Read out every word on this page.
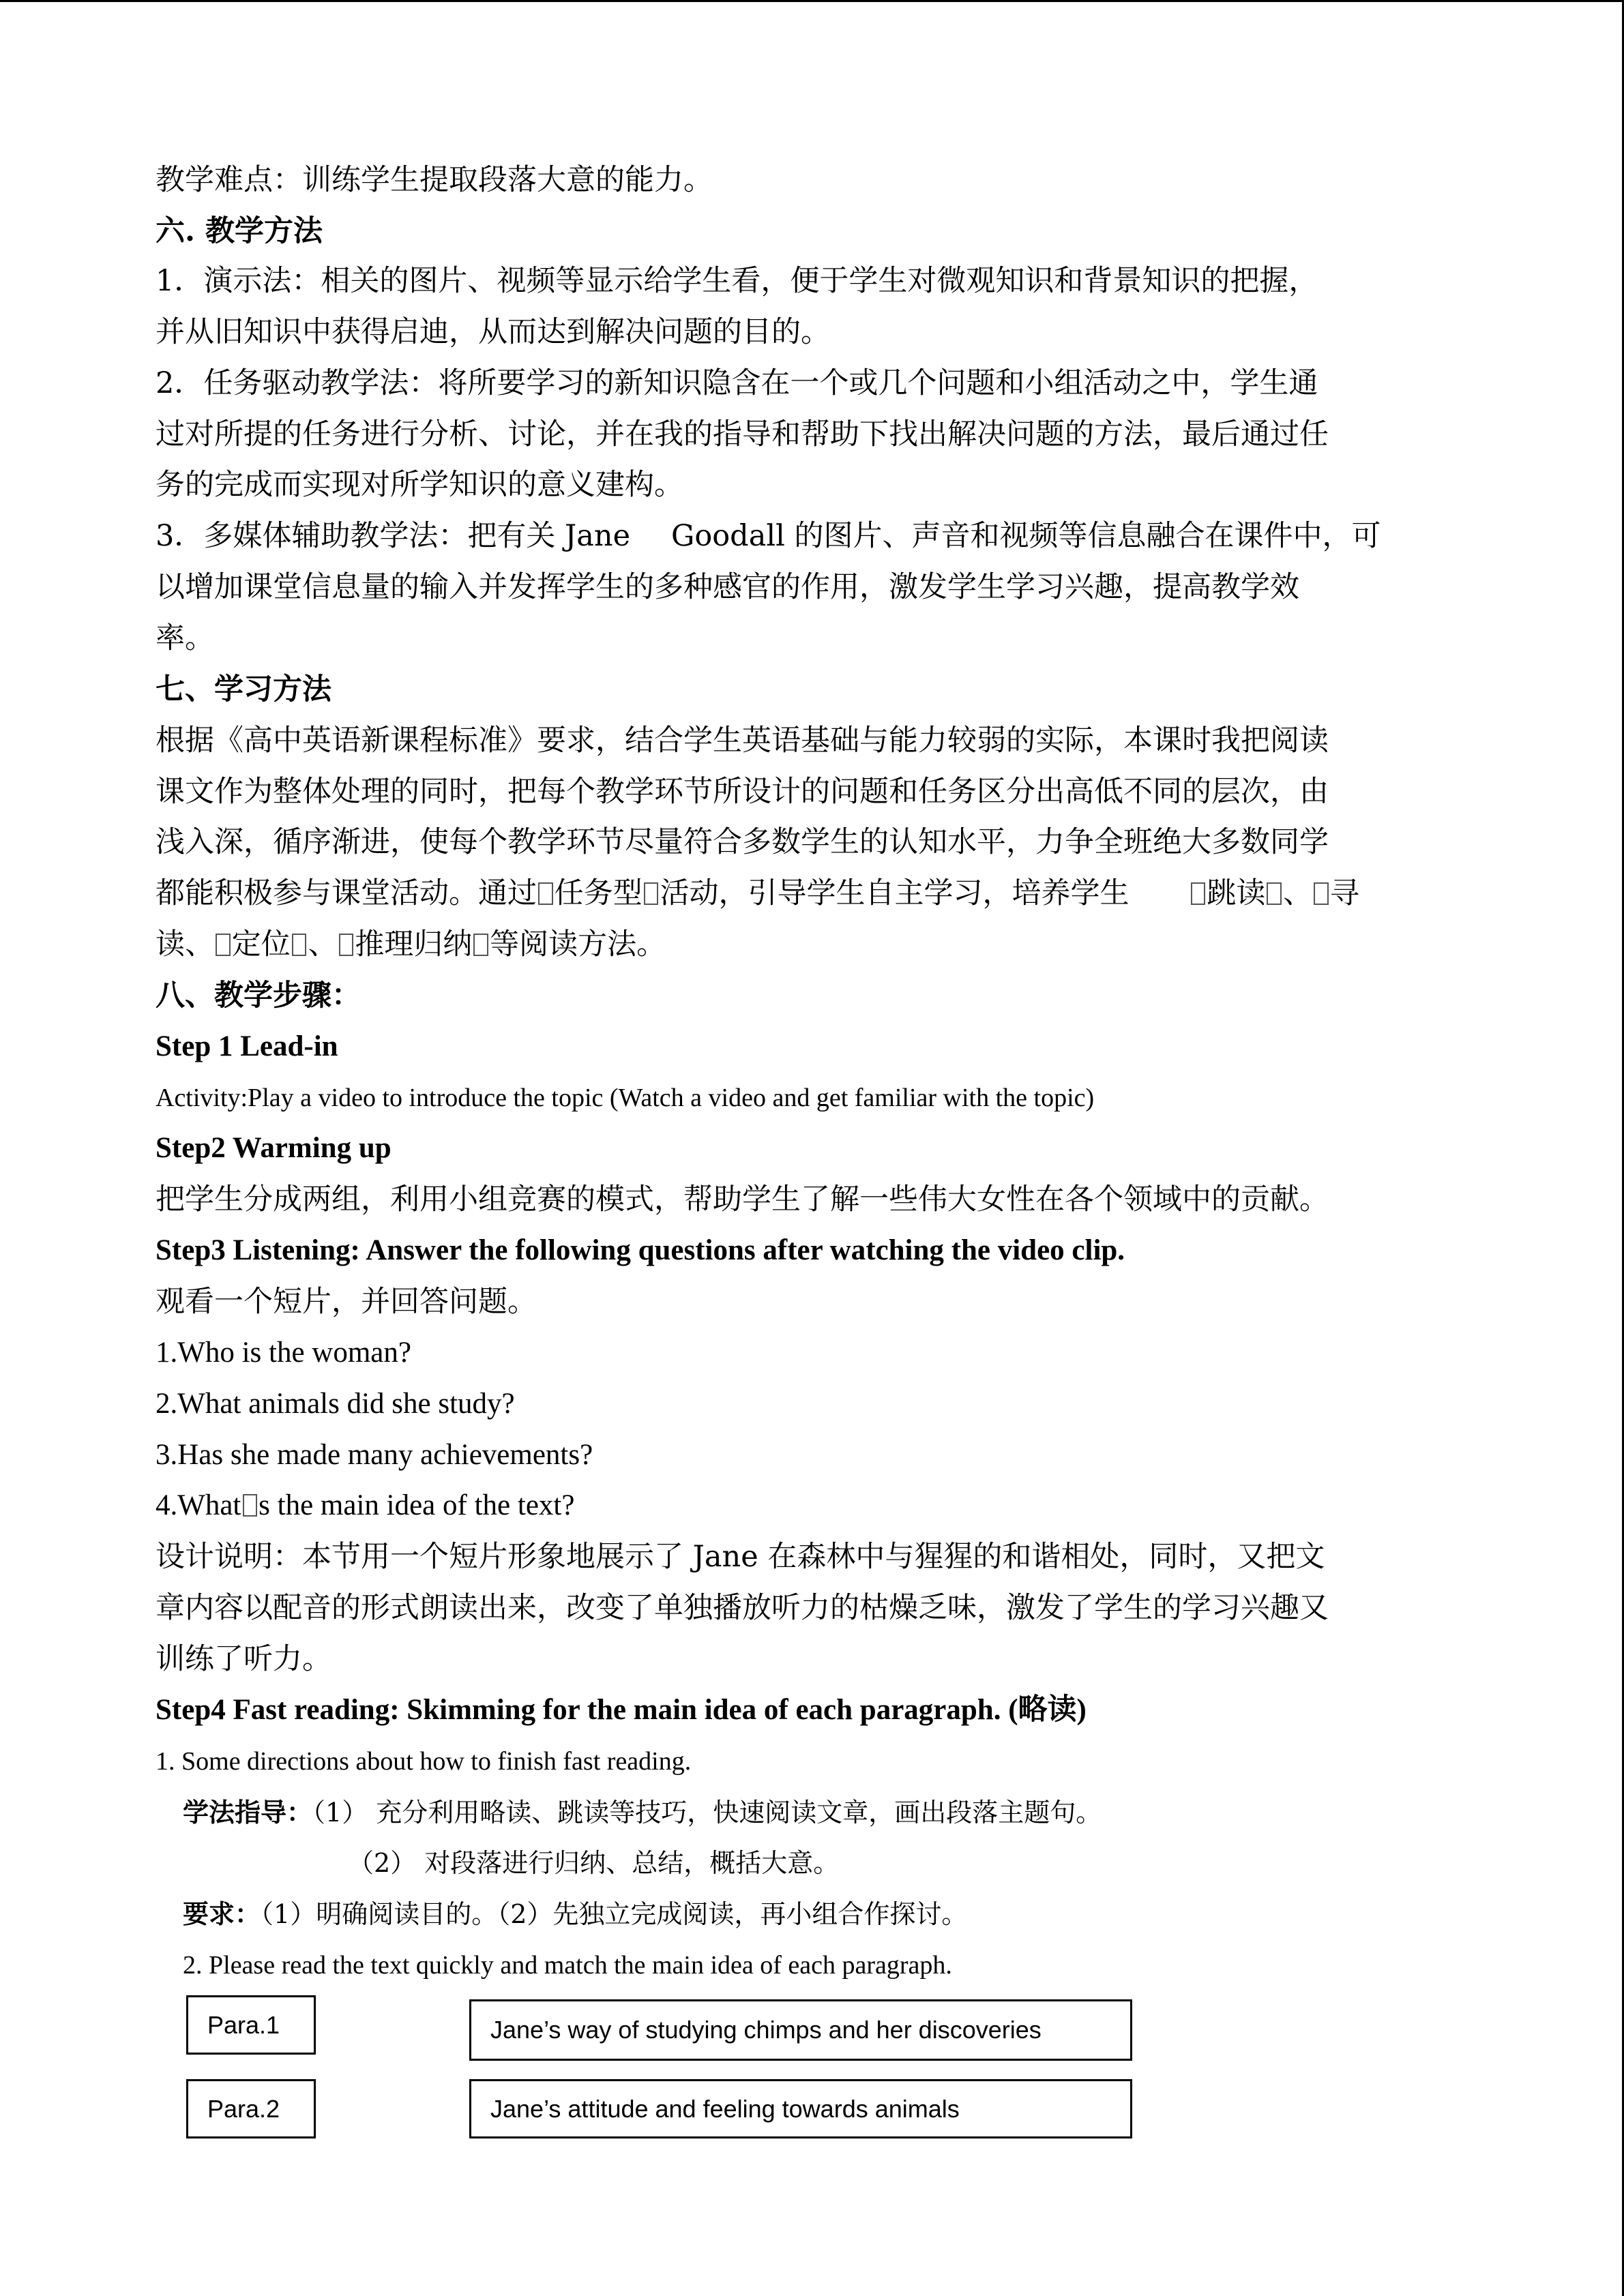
教学难点：训练学生提取段落大意的能力。
六. 教学方法
1．演示法：相关的图片、视频等显示给学生看，便于学生对微观知识和背景知识的把握，
并从旧知识中获得启迪，从而达到解决问题的目的。
2．任务驱动教学法：将所要学习的新知识隐含在一个或几个问题和小组活动之中，学生通
过对所提的任务进行分析、讨论，并在我的指导和帮助下找出解决问题的方法，最后通过任
务的完成而实现对所学知识的意义建构。
3．多媒体辅助教学法：把有关 Jane Goodall 的图片、声音和视频等信息融合在课件中，可
以增加课堂信息量的输入并发挥学生的多种感官的作用，激发学生学习兴趣，提高教学效
率。
七、学习方法
根据《高中英语新课程标准》要求，结合学生英语基础与能力较弱的实际，本课时我把阅读
课文作为整体处理的同时，把每个教学环节所设计的问题和任务区分出高低不同的层次，由
浅入深，循序渐进，使每个教学环节尽量符合多数学生的认知水平，力争全班绝大多数同学
都能积极参与课堂活动。通过 任务型 活动，引导学生自主学习，培养学生	跳读 、 寻
读、 定位 、 推理归纳 等阅读方法。
八、教学步骤：
Step 1 Lead-in
Activity:Play a video to introduce the topic (Watch a video and get familiar with the topic)
Step2 Warming up
把学生分成两组，利用小组竞赛的模式，帮助学生了解一些伟大女性在各个领域中的贡献。
Step3 Listening: Answer the following questions after watching the video clip.
观看一个短片，并回答问题。
1.Who is the woman?
2.What animals did she study?
3.Has she made many achievements?
4.What s the main idea of the text?
设计说明：本节用一个短片形象地展示了 Jane 在森林中与猩猩的和谐相处，同时，又把文
章内容以配音的形式朗读出来，改变了单独播放听力的枯燥乏味，激发了学生的学习兴趣又
训练了听力。
Step4 Fast reading: Skimming for the main idea of each paragraph. (略读)
1. Some directions about how to finish fast reading.
学法指导：（1） 充分利用略读、跳读等技巧，快速阅读文章，画出段落主题句。
（2） 对段落进行归纳、总结，概括大意。
要求：（1）明确阅读目的。（2）先独立完成阅读，再小组合作探讨。
2. Please read the text quickly and match the main idea of each paragraph.
Para.1	Jane’s way of studying chimps and her discoveries
Para.2	Jane’s attitude and feeling towards animals
